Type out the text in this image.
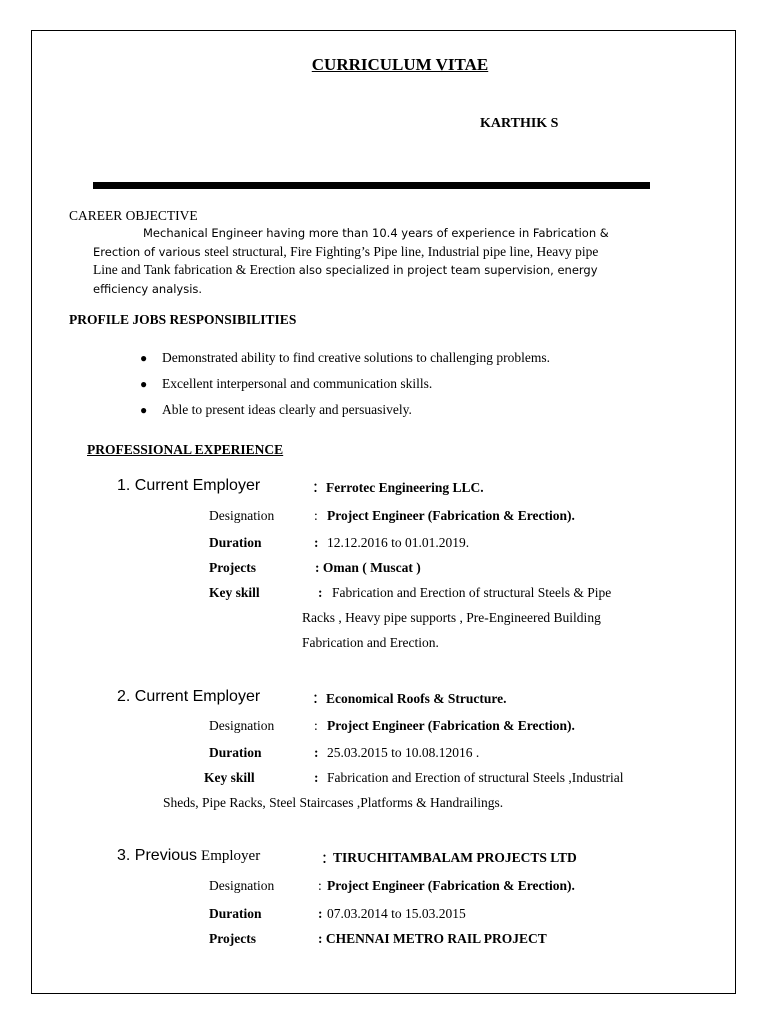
CURRICULUM VITAE
KARTHIK S
CAREER OBJECTIVE
Mechanical Engineer having more than 10.4 years of experience in Fabrication &
Erection of various steel structural, Fire Fighting’s Pipe line, Industrial pipe line, Heavy pipe
Line and Tank fabrication & Erection also specialized in project team supervision, energy
efficiency analysis.
PROFILE JOBS RESPONSIBILITIES
●	Demonstrated ability to find creative solutions to challenging problems.
●	Excellent interpersonal and communication skills.
●	Able to present ideas clearly and persuasively.
PROFESSIONAL EXPERIENCE
1. Current Employer	: Ferrotec Engineering LLC.
Designation	: Project Engineer (Fabrication & Erection).
Duration	: 12.12.2016 to 01.01.2019.
Projects	: Oman ( Muscat )
Key skill	: Fabrication and Erection of structural Steels & Pipe
Racks , Heavy pipe supports , Pre-Engineered Building
Fabrication and Erection.
2. Current Employer	: Economical Roofs & Structure.
Designation	: Project Engineer (Fabrication & Erection).
Duration	: 25.03.2015 to 10.08.12016 .
Key skill	: Fabrication and Erection of structural Steels ,Industrial
Sheds, Pipe Racks, Steel Staircases ,Platforms & Handrailings.
3. Previous Employer	: TIRUCHITAMBALAM PROJECTS LTD
Designation	: Project Engineer (Fabrication & Erection).
Duration	: 07.03.2014 to 15.03.2015
Projects	: CHENNAI METRO RAIL PROJECT
